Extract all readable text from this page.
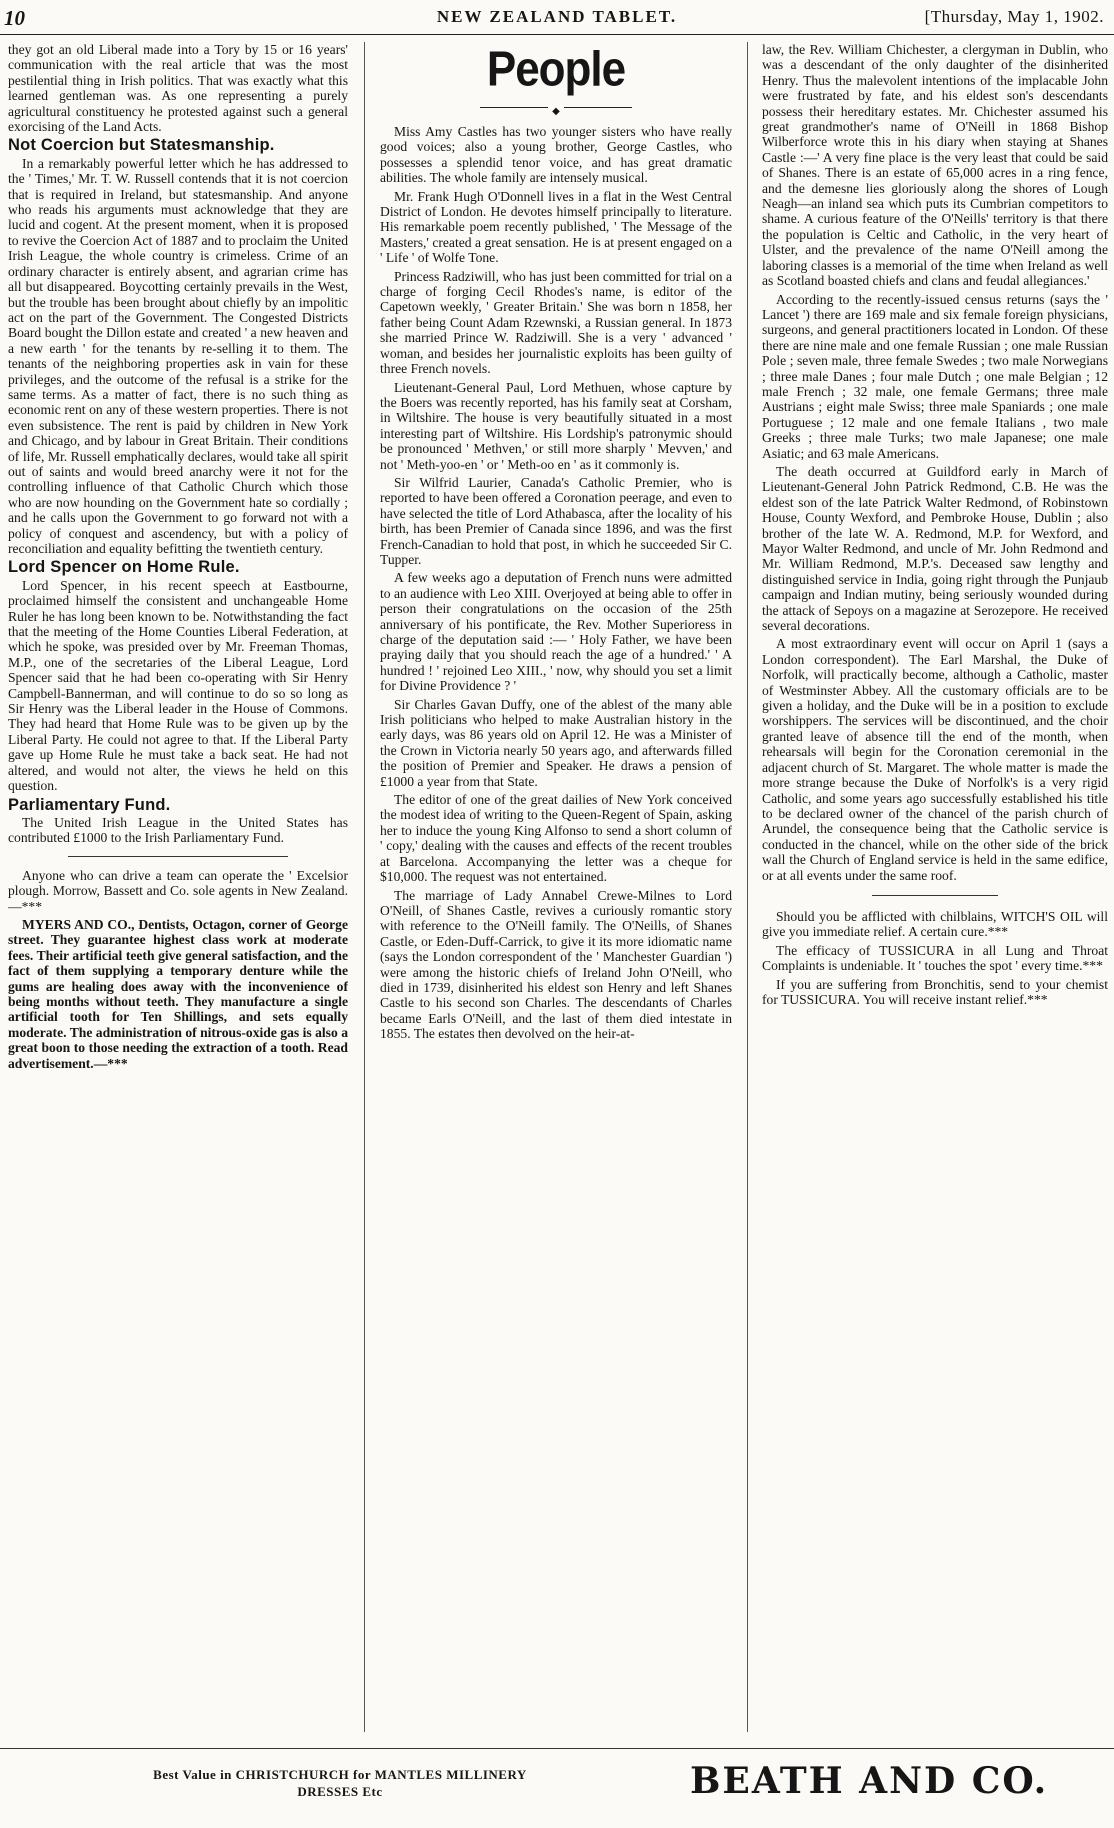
10	NEW ZEALAND TABLET.	[Thursday, May 1, 1902.

they got an old Liberal made into a Tory by 15 or 16 years' communication with the real article that was the most pestilential thing in Irish politics. That was exactly what this learned gentleman was. As one representing a purely agricultural constituency he protested against such a general exorcising of the Land Acts.

Not Coercion but Statesmanship.

In a remarkably powerful letter which he has addressed to the ' Times,' Mr. T. W. Russell contends that it is not coercion that is required in Ireland, but statesmanship. And anyone who reads his arguments must acknowledge that they are lucid and cogent. At the present moment, when it is proposed to revive the Coercion Act of 1887 and to proclaim the United Irish League, the whole country is crimeless. Crime of an ordinary character is entirely absent, and agrarian crime has all but disappeared. Boycotting certainly prevails in the West, but the trouble has been brought about chiefly by an impolitic act on the part of the Government. The Congested Districts Board bought the Dillon estate and created ' a new heaven and a new earth ' for the tenants by re-selling it to them. The tenants of the neighboring properties ask in vain for these privileges, and the outcome of the refusal is a strike for the same terms. As a matter of fact, there is no such thing as economic rent on any of these western properties. There is not even subsistence. The rent is paid by children in New York and Chicago, and by labour in Great Britain. Their conditions of life, Mr. Russell emphatically declares, would take all spirit out of saints and would breed anarchy were it not for the controlling influence of that Catholic Church which those who are now hounding on the Government hate so cordially ; and he calls upon the Government to go forward not with a policy of conquest and ascendency, but with a policy of reconciliation and equality befitting the twentieth century.

Lord Spencer on Home Rule.

Lord Spencer, in his recent speech at Eastbourne, proclaimed himself the consistent and unchangeable Home Ruler he has long been known to be. Notwithstanding the fact that the meeting of the Home Counties Liberal Federation, at which he spoke, was presided over by Mr. Freeman Thomas, M.P., one of the secretaries of the Liberal League, Lord Spencer said that he had been co-operating with Sir Henry Campbell-Bannerman, and will continue to do so so long as Sir Henry was the Liberal leader in the House of Commons. They had heard that Home Rule was to be given up by the Liberal Party. He could not agree to that. If the Liberal Party gave up Home Rule he must take a back seat. He had not altered, and would not alter, the views he held on this question.

Parliamentary Fund.

The United Irish League in the United States has contributed £1000 to the Irish Parliamentary Fund.

Anyone who can drive a team can operate the ' Excelsior plough. Morrow, Bassett and Co. sole agents in New Zealand.—***

MYERS AND CO., Dentists, Octagon, corner of George street. They guarantee highest class work at moderate fees. Their artificial teeth give general satisfaction, and the fact of them supplying a temporary denture while the gums are healing does away with the inconvenience of being months without teeth. They manufacture a single artificial tooth for Ten Shillings, and sets equally moderate. The administration of nitrous-oxide gas is also a great boon to those needing the extraction of a tooth. Read advertisement.—***

People
◆

Miss Amy Castles has two younger sisters who have really good voices; also a young brother, George Castles, who possesses a splendid tenor voice, and has great dramatic abilities. The whole family are intensely musical.

Mr. Frank Hugh O'Donnell lives in a flat in the West Central District of London. He devotes himself principally to literature. His remarkable poem recently published, ' The Message of the Masters,' created a great sensation. He is at present engaged on a ' Life ' of Wolfe Tone.

Princess Radziwill, who has just been committed for trial on a charge of forging Cecil Rhodes's name, is editor of the Capetown weekly, ' Greater Britain.' She was born n 1858, her father being Count Adam Rzewnski, a Russian general. In 1873 she married Prince W. Radziwill. She is a very ' advanced ' woman, and besides her journalistic exploits has been guilty of three French novels.

Lieutenant-General Paul, Lord Methuen, whose capture by the Boers was recently reported, has his family seat at Corsham, in Wiltshire. The house is very beautifully situated in a most interesting part of Wiltshire. His Lordship's patronymic should be pronounced ' Methven,' or still more sharply ' Mevven,' and not ' Meth-yoo-en ' or ' Meth-oo en ' as it commonly is.

Sir Wilfrid Laurier, Canada's Catholic Premier, who is reported to have been offered a Coronation peerage, and even to have selected the title of Lord Athabasca, after the locality of his birth, has been Premier of Canada since 1896, and was the first French-Canadian to hold that post, in which he succeeded Sir C. Tupper.

A few weeks ago a deputation of French nuns were admitted to an audience with Leo XIII. Overjoyed at being able to offer in person their congratulations on the occasion of the 25th anniversary of his pontificate, the Rev. Mother Superioress in charge of the deputation said :— ' Holy Father, we have been praying daily that you should reach the age of a hundred.' ' A hundred ! ' rejoined Leo XIII., ' now, why should you set a limit for Divine Providence ? '

Sir Charles Gavan Duffy, one of the ablest of the many able Irish politicians who helped to make Australian history in the early days, was 86 years old on April 12. He was a Minister of the Crown in Victoria nearly 50 years ago, and afterwards filled the position of Premier and Speaker. He draws a pension of £1000 a year from that State.

The editor of one of the great dailies of New York conceived the modest idea of writing to the Queen-Regent of Spain, asking her to induce the young King Alfonso to send a short column of ' copy,' dealing with the causes and effects of the recent troubles at Barcelona. Accompanying the letter was a cheque for $10,000. The request was not entertained.

The marriage of Lady Annabel Crewe-Milnes to Lord O'Neill, of Shanes Castle, revives a curiously romantic story with reference to the O'Neill family. The O'Neills, of Shanes Castle, or Eden-Duff-Carrick, to give it its more idiomatic name (says the London correspondent of the ' Manchester Guardian ') were among the historic chiefs of Ireland John O'Neill, who died in 1739, disinherited his eldest son Henry and left Shanes Castle to his second son Charles. The descendants of Charles became Earls O'Neill, and the last of them died intestate in 1855. The estates then devolved on the heir-at-

law, the Rev. William Chichester, a clergyman in Dublin, who was a descendant of the only daughter of the disinherited Henry. Thus the malevolent intentions of the implacable John were frustrated by fate, and his eldest son's descendants possess their hereditary estates. Mr. Chichester assumed his great grandmother's name of O'Neill in 1868 Bishop Wilberforce wrote this in his diary when staying at Shanes Castle :—' A very fine place is the very least that could be said of Shanes. There is an estate of 65,000 acres in a ring fence, and the demesne lies gloriously along the shores of Lough Neagh—an inland sea which puts its Cumbrian competitors to shame. A curious feature of the O'Neills' territory is that there the population is Celtic and Catholic, in the very heart of Ulster, and the prevalence of the name O'Neill among the laboring classes is a memorial of the time when Ireland as well as Scotland boasted chiefs and clans and feudal allegiances.'

According to the recently-issued census returns (says the ' Lancet ') there are 169 male and six female foreign physicians, surgeons, and general practitioners located in London. Of these there are nine male and one female Russian ; one male Russian Pole ; seven male, three female Swedes ; two male Norwegians ; three male Danes ; four male Dutch ; one male Belgian ; 12 male French ; 32 male, one female Germans; three male Austrians ; eight male Swiss; three male Spaniards ; one male Portuguese ; 12 male and one female Italians , two male Greeks ; three male Turks; two male Japanese; one male Asiatic; and 63 male Americans.

The death occurred at Guildford early in March of Lieutenant-General John Patrick Redmond, C.B. He was the eldest son of the late Patrick Walter Redmond, of Robinstown House, County Wexford, and Pembroke House, Dublin ; also brother of the late W. A. Redmond, M.P. for Wexford, and Mayor Walter Redmond, and uncle of Mr. John Redmond and Mr. William Redmond, M.P.'s. Deceased saw lengthy and distinguished service in India, going right through the Punjaub campaign and Indian mutiny, being seriously wounded during the attack of Sepoys on a magazine at Serozepore. He received several decorations.

A most extraordinary event will occur on April 1 (says a London correspondent). The Earl Marshal, the Duke of Norfolk, will practically become, although a Catholic, master of Westminster Abbey. All the customary officials are to be given a holiday, and the Duke will be in a position to exclude worshippers. The services will be discontinued, and the choir granted leave of absence till the end of the month, when rehearsals will begin for the Coronation ceremonial in the adjacent church of St. Margaret. The whole matter is made the more strange because the Duke of Norfolk's is a very rigid Catholic, and some years ago successfully established his title to be declared owner of the chancel of the parish church of Arundel, the consequence being that the Catholic service is conducted in the chancel, while on the other side of the brick wall the Church of England service is held in the same edifice, or at all events under the same roof.

Should you be afflicted with chilblains, WITCH'S OIL will give you immediate relief. A certain cure.***

The efficacy of TUSSICURA in all Lung and Throat Complaints is undeniable. It ' touches the spot ' every time.***

If you are suffering from Bronchitis, send to your chemist for TUSSICURA. You will receive instant relief.***

Best Value in CHRISTCHURCH for MANTLES MILLINERY
DRESSES Etc	BEATH AND CO.
